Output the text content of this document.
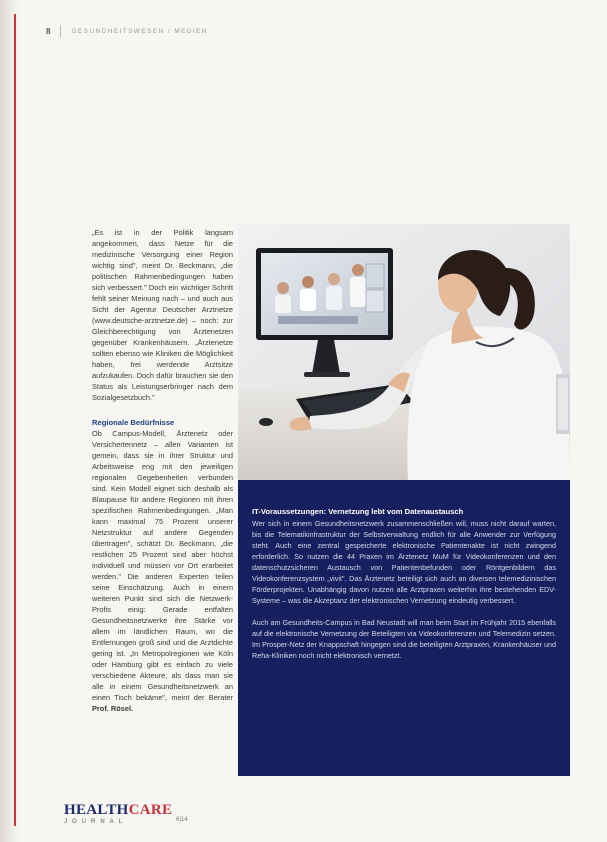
8	GESUNDHEITSWESEN / MEDIEN

„Es ist in der Politik langsam angekommen, dass Netze für die medizinische Versorgung einer Region wichtig sind", meint Dr. Beckmann, „die politischen Rahmenbedingungen haben sich verbessert." Doch ein wichtiger Schritt fehlt seiner Meinung nach – und auch aus Sicht der Agentur Deutscher Arztnetze (www.deutsche-arztnetze.de) – noch: zur Gleichberechtigung von Ärztenetzen gegenüber Krankenhäusern. „Ärztenetze sollten ebenso wie Kliniken die Möglichkeit haben, frei werdende Arztsitze aufzukaufen. Doch dafür brauchen sie den Status als Leistungserbringer nach dem Sozialgesetzbuch."

Regionale Bedürfnisse

Ob Campus-Modell, Ärztenetz oder Versichertennetz – allen Varianten ist gemein, dass sie in ihrer Struktur und Arbeitsweise eng mit den jeweiligen regionalen Gegebenheiten verbunden sind. Kein Modell eignet sich deshalb als Blaupause für andere Regionen mit ihren spezifischen Rahmenbedingungen. „Man kann maximal 75 Prozent unserer Netzstruktur auf andere Gegenden übertragen", schätzt Dr. Beckmann, „die restlichen 25 Prozent sind aber höchst individuell und müssen vor Ort erarbeitet werden." Die anderen Experten teilen seine Einschätzung. Auch in einem weiteren Punkt sind sich die Netzwerk-Profis einig: Gerade entfalten Gesundheitsnetzwerke ihre Stärke vor allem im ländlichen Raum, wo die Entfernungen groß sind und die Arztdichte gering ist. „In Metropolregionen wie Köln oder Hamburg gibt es einfach zu viele verschiedene Akteure, als dass man sie alle in einem Gesundheitsnetzwerk an einen Tisch bekäme", meint der Berater Prof. Rösel.

IT-Voraussetzungen: Vernetzung lebt vom Datenaustausch

Wer sich in einem Gesundheitsnetzwerk zusammenschließen will, muss nicht darauf warten, bis die Telematikinfrastruktur der Selbstverwaltung endlich für alle Anwender zur Verfügung steht. Auch eine zentral gespeicherte elektronische Patientenakte ist nicht zwingend erforderlich. So nutzen die 44 Praxen im Ärztenetz MuM für Videokonferenzen und den datenschutzsicheren Austausch von Patientenbefunden oder Röntgenbildern das Videokonferenzsystem „vivit". Das Ärztenetz beteiligt sich auch an diversen telemedizinischen Förderprojekten. Unabhängig davon nutzen alle Arztpraxen weiterhin ihre bestehenden EDV-Systeme – was die Akzeptanz der elektronischen Vernetzung eindeutig verbessert.

Auch am Gesundheits-Campus in Bad Neustadt will man beim Start im Frühjahr 2015 ebenfalls auf die elektronische Vernetzung der Beteiligten via Videokonferenzen und Telemedizin setzen. Im Prosper-Netz der Knappschaft hingegen sind die beteiligten Arztpraxen, Krankenhäuser und Reha-Kliniken noch nicht elektronisch vernetzt.

HEALTHCARE
JOURNAL	6|14
